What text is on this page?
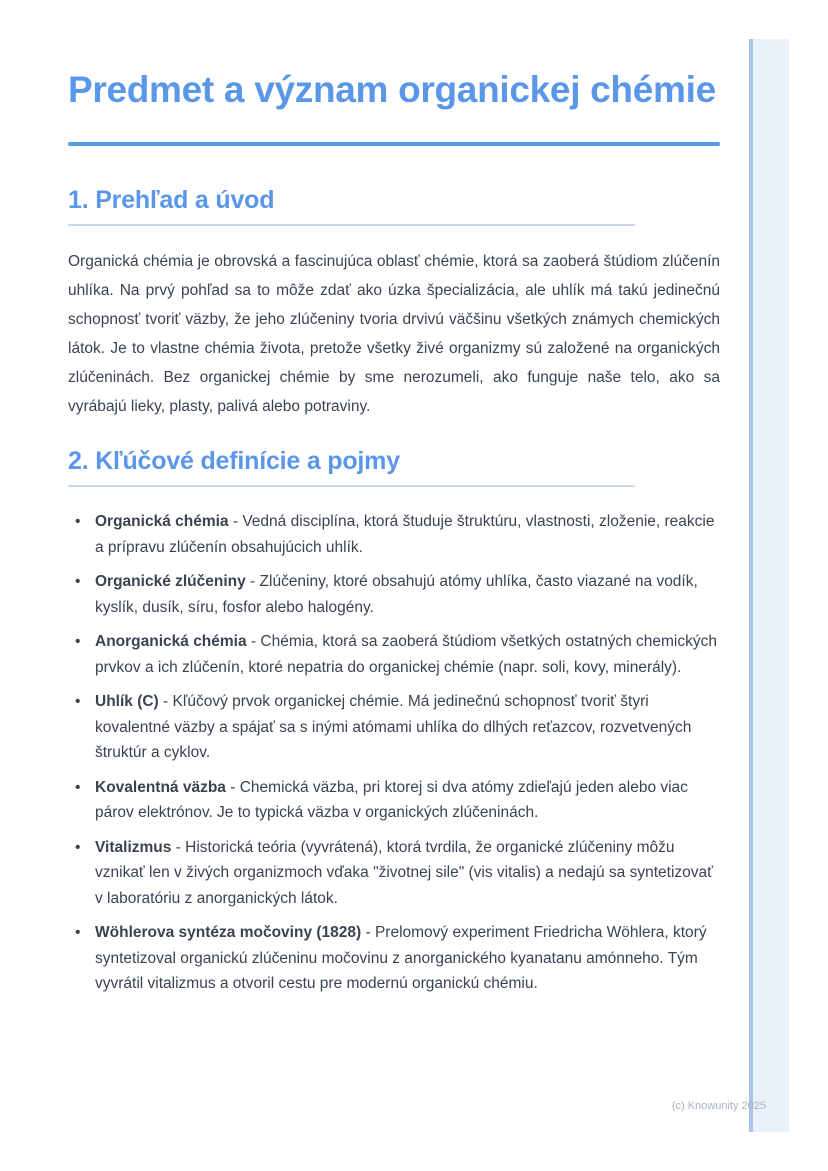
Predmet a význam organickej chémie
1. Prehľad a úvod

Organická chémia je obrovská a fascinujúca oblasť chémie, ktorá sa zaoberá štúdiom zlúčenín uhlíka. Na prvý pohľad sa to môže zdať ako úzka špecializácia, ale uhlík má takú jedinečnú schopnosť tvoriť väzby, že jeho zlúčeniny tvoria drvivú väčšinu všetkých známych chemických látok. Je to vlastne chémia života, pretože všetky živé organizmy sú založené na organických zlúčeninách. Bez organickej chémie by sme nerozumeli, ako funguje naše telo, ako sa vyrábajú lieky, plasty, palivá alebo potraviny.

2. Kľúčové definície a pojmy
• Organická chémia - Vedná disciplína, ktorá študuje štruktúru, vlastnosti, zloženie, reakcie a prípravu zlúčenín obsahujúcich uhlík.
• Organické zlúčeniny - Zlúčeniny, ktoré obsahujú atómy uhlíka, často viazané na vodík, kyslík, dusík, síru, fosfor alebo halogény.
• Anorganická chémia - Chémia, ktorá sa zaoberá štúdiom všetkých ostatných chemických prvkov a ich zlúčenín, ktoré nepatria do organickej chémie (napr. soli, kovy, minerály).
• Uhlík (C) - Kľúčový prvok organickej chémie. Má jedinečnú schopnosť tvoriť štyri kovalentné väzby a spájať sa s inými atómami uhlíka do dlhých reťazcov, rozvetvených štruktúr a cyklov.
• Kovalentná väzba - Chemická väzba, pri ktorej si dva atómy zdieľajú jeden alebo viac párov elektrónov. Je to typická väzba v organických zlúčeninách.
• Vitalizmus - Historická teória (vyvrátená), ktorá tvrdila, že organické zlúčeniny môžu vznikať len v živých organizmoch vďaka "životnej sile" (vis vitalis) a nedajú sa syntetizovať v laboratóriu z anorganických látok.
• Wöhlerova syntéza močoviny (1828) - Prelomový experiment Friedricha Wöhlera, ktorý syntetizoval organickú zlúčeninu močovinu z anorganického kyanatanu amónneho. Tým vyvrátil vitalizmus a otvoril cestu pre modernú organickú chémiu.
(c) Knowunity 2025
